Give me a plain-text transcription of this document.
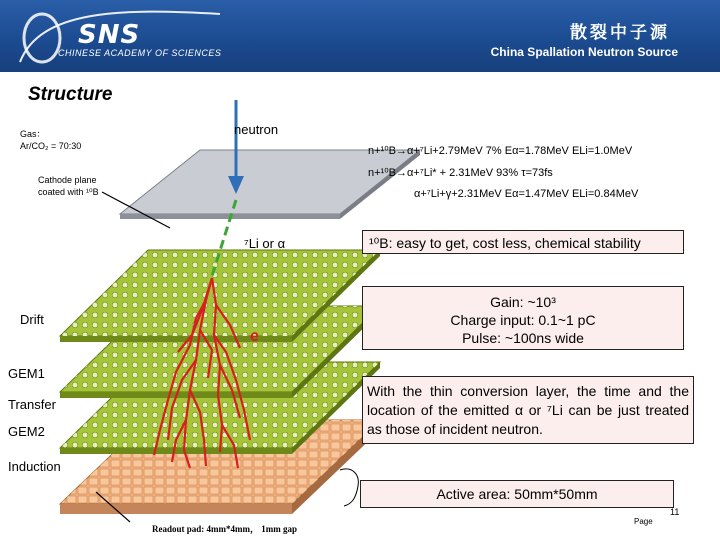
SNS
CHINESE ACADEMY OF SCIENCES
散裂中子源
China Spallation Neutron Source
Structure
Gas：
Ar/CO₂ = 70:30
Cathode plane
coated with ¹⁰B
neutron
⁷Li or α
Drift
e
GEM1
Transfer
GEM2
Induction
n+¹⁰B→α+⁷Li+2.79MeV 7% Eα=1.78MeV ELi=1.0MeV
n+¹⁰B→α+⁷Li* + 2.31MeV 93% τ=73fs
α+⁷Li+γ+2.31MeV Eα=1.47MeV ELi=0.84MeV
¹⁰B: easy to get, cost less, chemical stability
Gain: ~10³
Charge input: 0.1~1 pC
Pulse: ~100ns wide
With the thin conversion layer, the time and the location of the emitted α or ⁷Li can be just treated as those of incident neutron.
Active area: 50mm*50mm
Readout pad: 4mm*4mm， 1mm gap
Page
11
